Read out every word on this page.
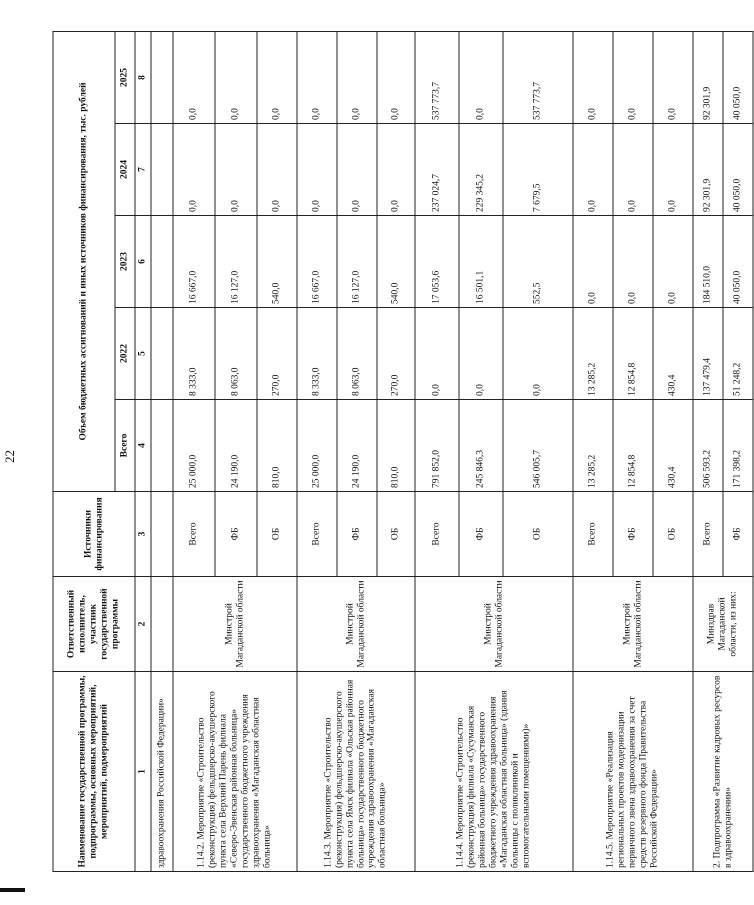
22
Наименование государственной программы, подпрограммы, основных мероприятий, мероприятий, подмероприятий	Ответственный исполнитель, участник государственной программы	Источники финансирования	Объем бюджетных ассигнований и иных источников финансирования, тыс. рублей				
			Всего	2022	2023	2024	2025
1	2	3	4	5	6	7	8
здравоохранения Российской Федерации»							
1.14.2. Мероприятие «Строительство (реконструкция) фельдшерско-акушерского пункта села Верхний Парень филиала «Северо-Эвенская районная больница» государственного бюджетного учреждения здравоохранения «Магаданская областная больница»	Минстрой Магаданской области	Всего	25 000,0	8 333,0	16 667,0	0,0	0,0
		ФБ	24 190,0	8 063,0	16 127,0	0,0	0,0
		ОБ	810,0	270,0	540,0	0,0	0,0
1.14.3. Мероприятие «Строительство (реконструкция) фельдшерско-акушерского пункта села Ямск филиала «Ольская районная больница» государственного бюджетного учреждения здравоохранения «Магаданская областная больница»	Минстрой Магаданской области	Всего	25 000,0	8 333,0	16 667,0	0,0	0,0
		ФБ	24 190,0	8 063,0	16 127,0	0,0	0,0
		ОБ	810,0	270,0	540,0	0,0	0,0
1.14.4. Мероприятие «Строительство (реконструкция) филиала «Сусуманская районная больница» государственного бюджетного учреждения здравоохранения «Магаданская областная больница» (здания больницы с поликлиникой и вспомогательными помещениями)»	Минстрой Магаданской области	Всего	791 852,0	0,0	17 053,6	237 024,7	537 773,7
		ФБ	245 846,3	0,0	16 501,1	229 345,2	0,0
		ОБ	546 005,7	0,0	552,5	7 679,5	537 773,7
1.14.5. Мероприятие «Реализация региональных проектов модернизации первичного звена здравоохранения за счет средств резервного фонда Правительства Российской Федерации»	Минстрой Магаданской области	Всего	13 285,2	13 285,2	0,0	0,0	0,0
		ФБ	12 854,8	12 854,8	0,0	0,0	0,0
		ОБ	430,4	430,4	0,0	0,0	0,0
2. Подпрограмма «Развитие кадровых ресурсов в здравоохранении»	Минздрав Магаданской области, из них:	Всего	506 593,2	137 479,4	184 510,0	92 301,9	92 301,9
		ФБ	171 398,2	51 248,2	40 050,0	40 050,0	40 050,0
